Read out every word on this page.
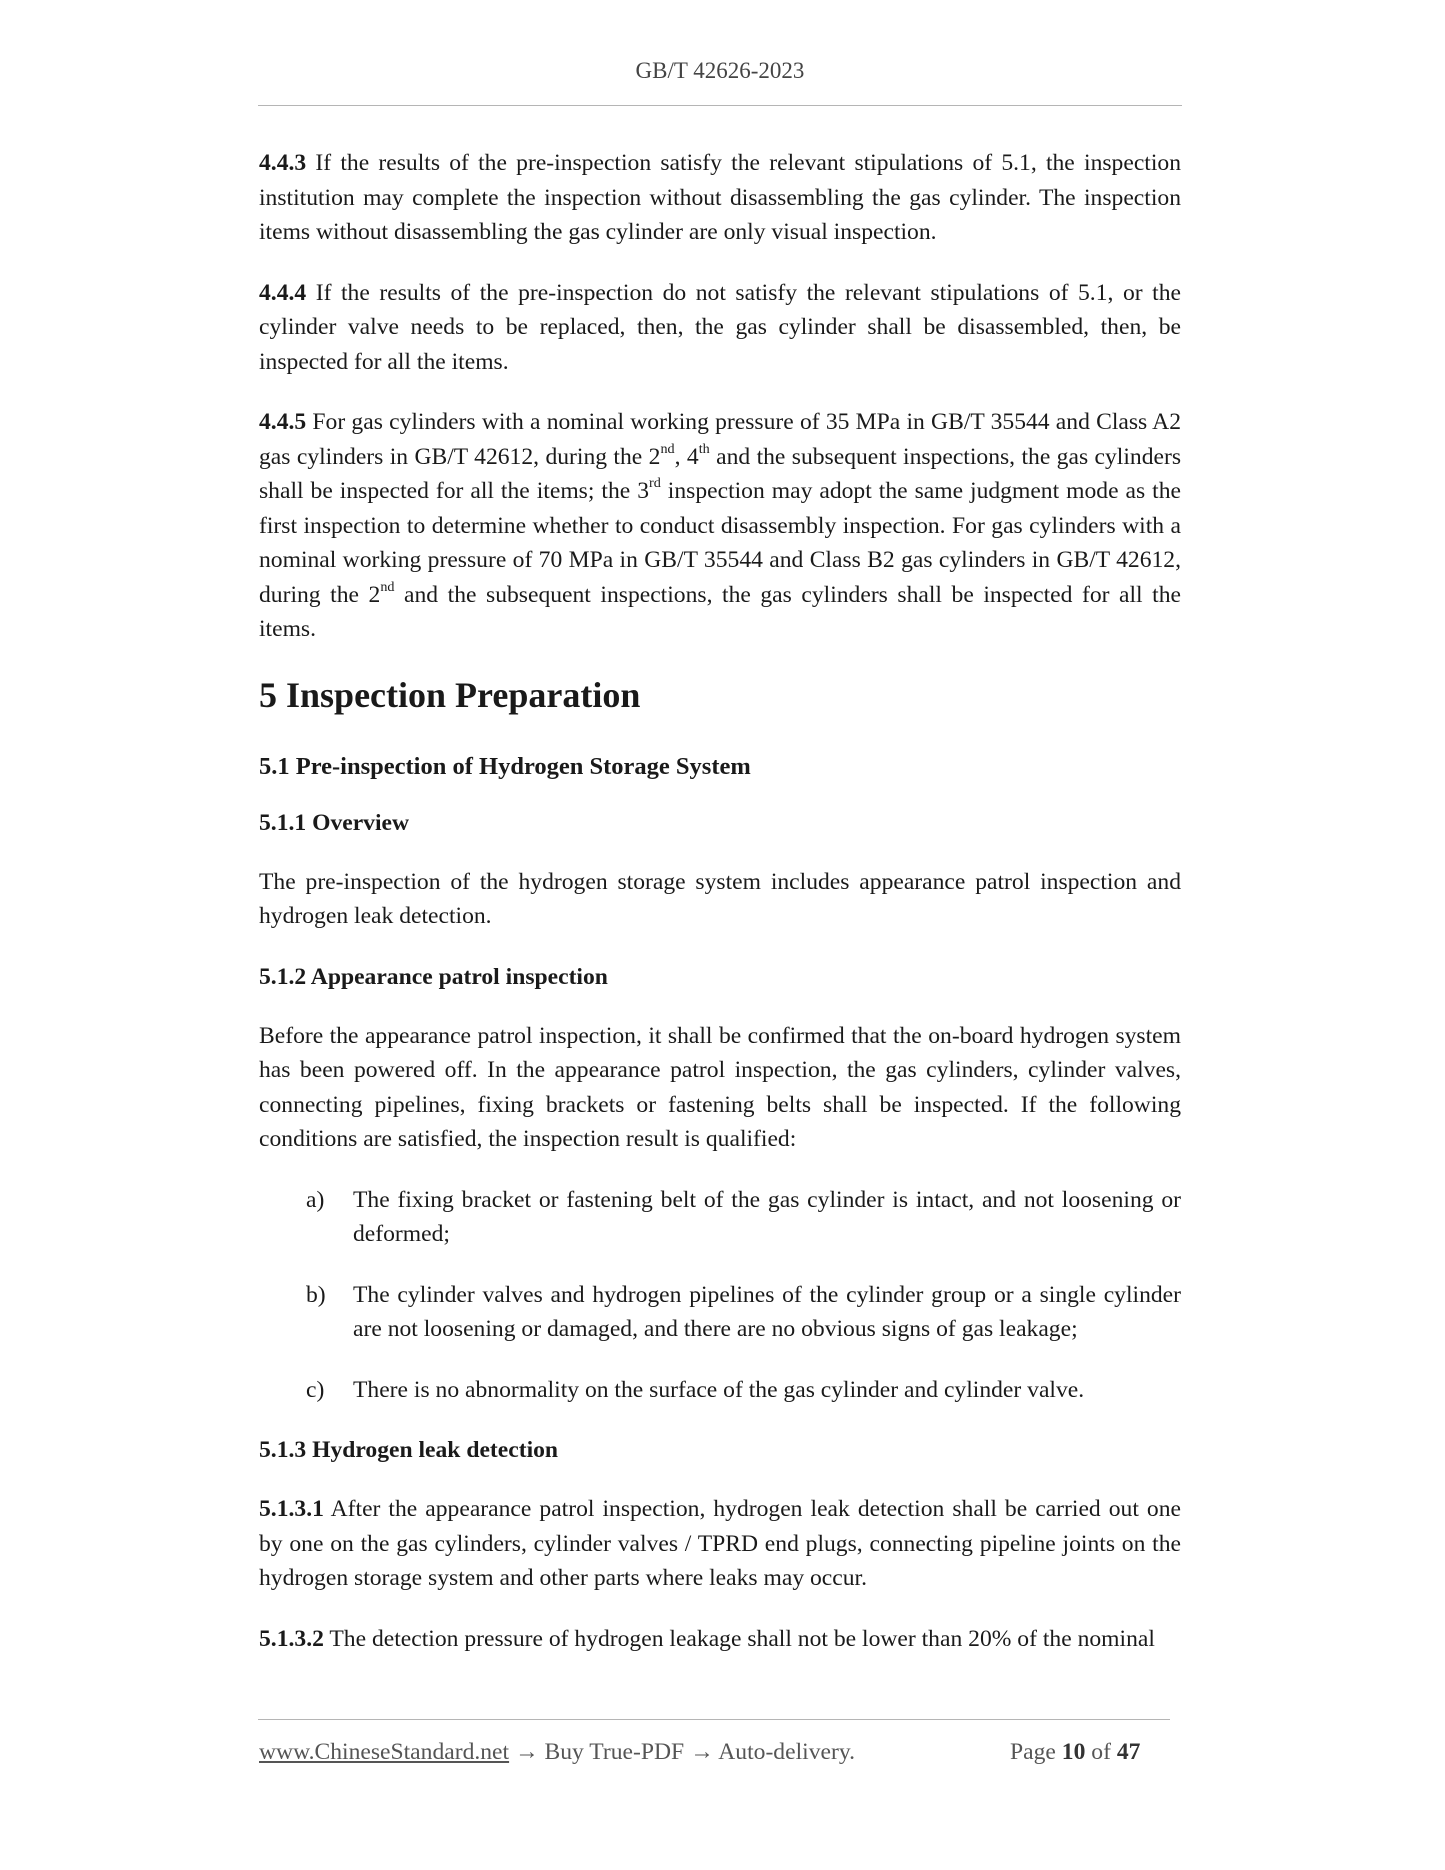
GB/T 42626-2023

4.4.3 If the results of the pre-inspection satisfy the relevant stipulations of 5.1, the inspection institution may complete the inspection without disassembling the gas cylinder. The inspection items without disassembling the gas cylinder are only visual inspection.

4.4.4 If the results of the pre-inspection do not satisfy the relevant stipulations of 5.1, or the cylinder valve needs to be replaced, then, the gas cylinder shall be disassembled, then, be inspected for all the items.

4.4.5 For gas cylinders with a nominal working pressure of 35 MPa in GB/T 35544 and Class A2 gas cylinders in GB/T 42612, during the 2nd, 4th and the subsequent inspections, the gas cylinders shall be inspected for all the items; the 3rd inspection may adopt the same judgment mode as the first inspection to determine whether to conduct disassembly inspection. For gas cylinders with a nominal working pressure of 70 MPa in GB/T 35544 and Class B2 gas cylinders in GB/T 42612, during the 2nd and the subsequent inspections, the gas cylinders shall be inspected for all the items.

5 Inspection Preparation
5.1 Pre-inspection of Hydrogen Storage System
5.1.1 Overview

The pre-inspection of the hydrogen storage system includes appearance patrol inspection and hydrogen leak detection.

5.1.2 Appearance patrol inspection

Before the appearance patrol inspection, it shall be confirmed that the on-board hydrogen system has been powered off. In the appearance patrol inspection, the gas cylinders, cylinder valves, connecting pipelines, fixing brackets or fastening belts shall be inspected. If the following conditions are satisfied, the inspection result is qualified:

a) The fixing bracket or fastening belt of the gas cylinder is intact, and not loosening or deformed;
b) The cylinder valves and hydrogen pipelines of the cylinder group or a single cylinder are not loosening or damaged, and there are no obvious signs of gas leakage;
c) There is no abnormality on the surface of the gas cylinder and cylinder valve.
5.1.3 Hydrogen leak detection

5.1.3.1 After the appearance patrol inspection, hydrogen leak detection shall be carried out one by one on the gas cylinders, cylinder valves / TPRD end plugs, connecting pipeline joints on the hydrogen storage system and other parts where leaks may occur.

5.1.3.2 The detection pressure of hydrogen leakage shall not be lower than 20% of the nominal

www.ChineseStandard.net → Buy True-PDF → Auto-delivery.	Page 10 of 47
